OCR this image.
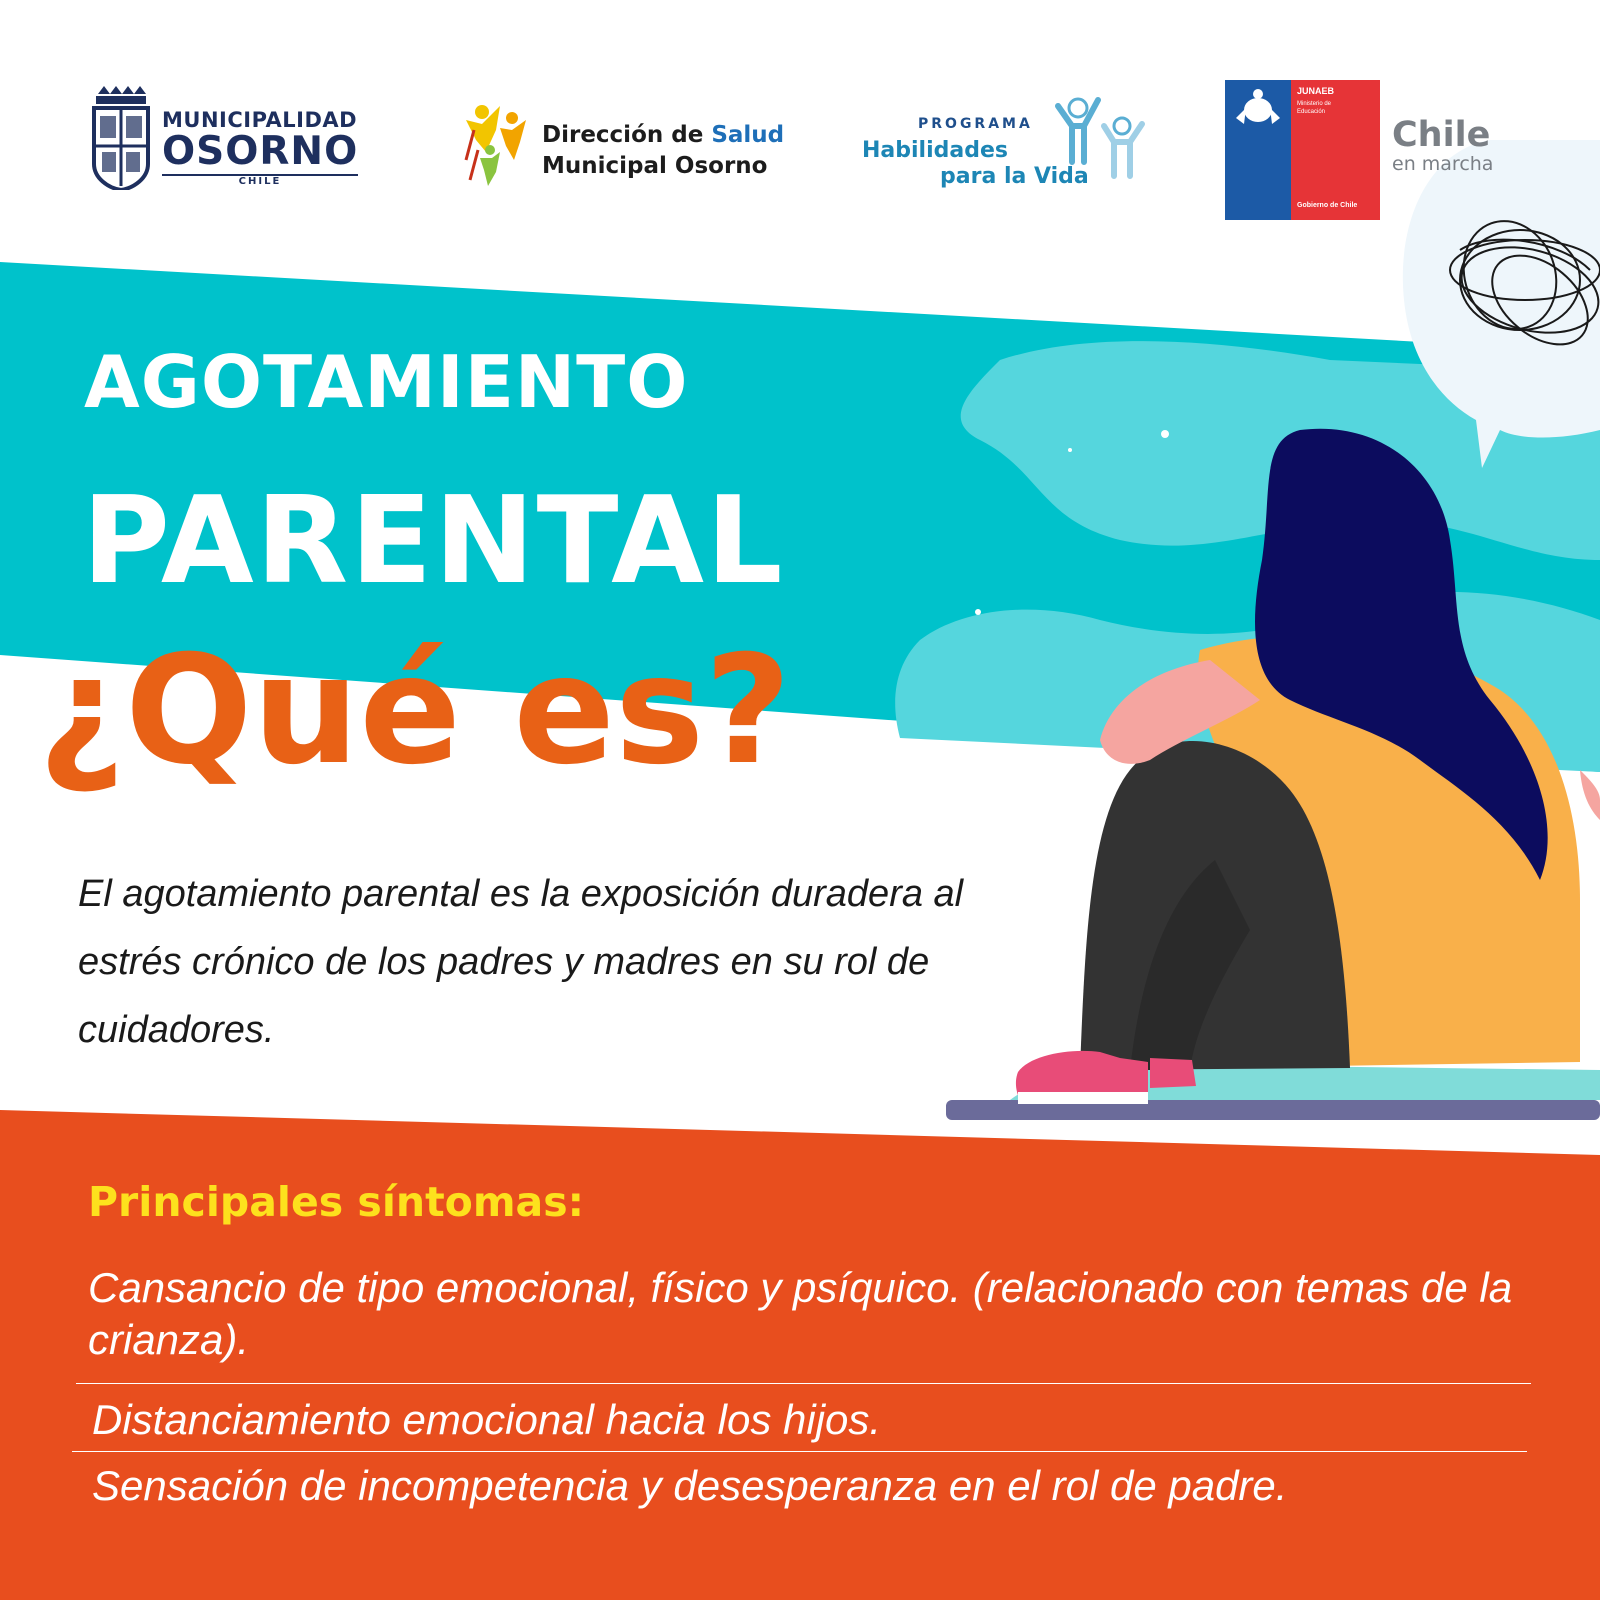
MUNICIPALIDAD
OSORNO
CHILE
Dirección de Salud
Municipal Osorno
PROGRAMA
Habilidades
para la Vida
JUNAEB
Ministerio de Educación
Gobierno de Chile
Chile
en marcha
AGOTAMIENTO
PARENTAL
¿Qué es?

El agotamiento parental es la exposición duradera al estrés crónico de los padres y madres en su rol de cuidadores.

Principales síntomas:
Cansancio de tipo emocional, físico y psíquico. (relacionado con temas de la crianza).
Distanciamiento emocional hacia los hijos.
Sensación de incompetencia y desesperanza en el rol de padre.
